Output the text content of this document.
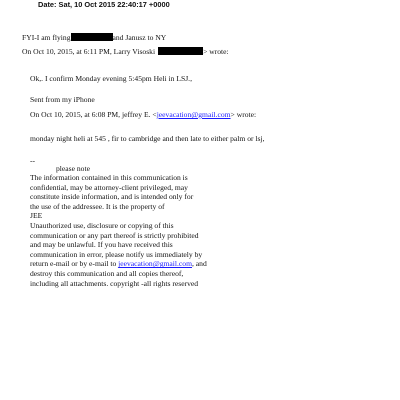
Date: Sat, 10 Oct 2015 22:40:17 +0000
FYI-I am flying	and Janusz to NY
On Oct 10, 2015, at 6:11 PM, Larry Visoski	> wrote:
Ok,. I confirm Monday evening 5:45pm Heli in LSJ.,
Sent from my iPhone
On Oct 10, 2015, at 6:08 PM, jeffrey E. <jeevacation@gmail.com> wrote:
monday night heli at 545 , fir to cambridge and then late to either palm or lsj,
--
please note
The information contained in this communication is
confidential, may be attorney-client privileged, may
constitute inside information, and is intended only for
the use of the addressee. It is the property of
JEE
Unauthorized use, disclosure or copying of this
communication or any part thereof is strictly prohibited
and may be unlawful. If you have received this
communication in error, please notify us immediately by
return e-mail or by e-mail to jeevacation@gmail.com, and
destroy this communication and all copies thereof,
including all attachments. copyright -all rights reserved
